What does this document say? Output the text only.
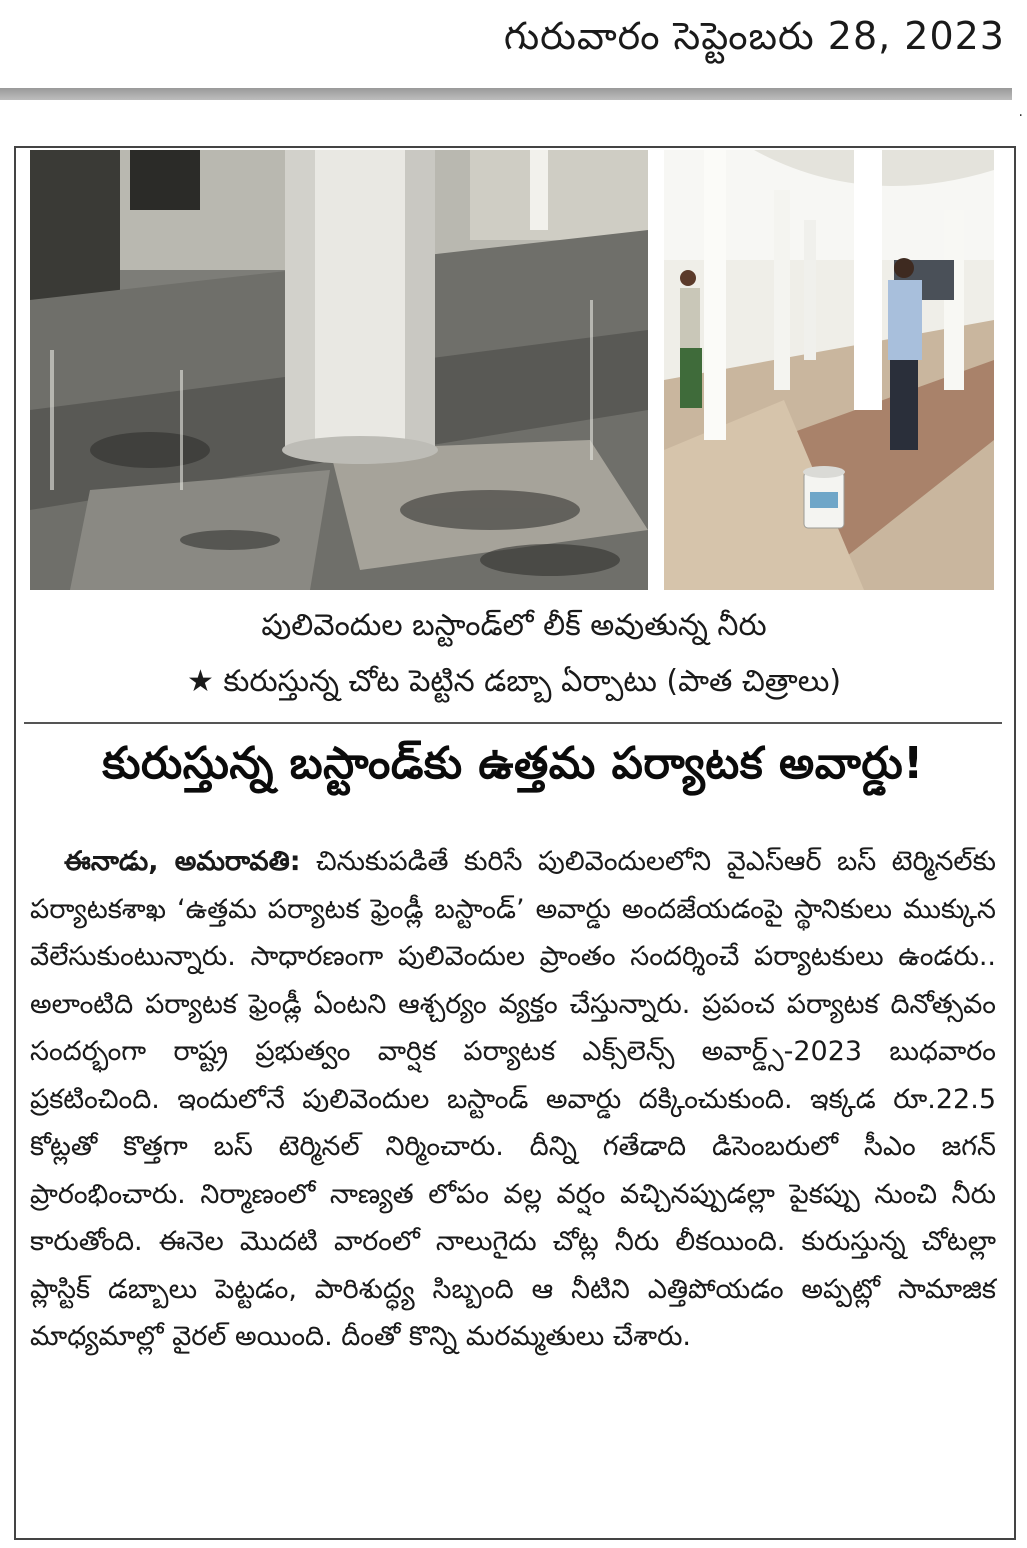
గురువారం సెప్టెంబరు 28, 2023
.
పులివెందుల బస్టాండ్‌లో లీక్ అవుతున్న నీరు
★ కురుస్తున్న చోట పెట్టిన డబ్బా ఏర్పాటు (పాత చిత్రాలు)
కురుస్తున్న బస్టాండ్‌కు ఉత్తమ పర్యాటక అవార్డు!
ఈనాడు, అమరావతి: చినుకుపడితే కురిసే పులివెందులలోని వైఎస్ఆర్ బస్ టెర్మినల్‌కు పర్యాటకశాఖ ‘ఉత్తమ పర్యాటక ఫ్రెండ్లీ బస్టాండ్’ అవార్డు అందజేయడంపై స్థానికులు ముక్కున వేలేసుకుంటున్నారు. సాధారణంగా పులివెందుల ప్రాంతం సందర్శించే పర్యాటకులు ఉండరు.. అలాంటిది పర్యాటక ఫ్రెండ్లీ ఏంటని ఆశ్చర్యం వ్యక్తం చేస్తున్నారు. ప్రపంచ పర్యాటక దినోత్సవం సందర్భంగా రాష్ట్ర ప్రభుత్వం వార్షిక పర్యాటక ఎక్స్‌లెన్స్ అవార్డ్స్-2023 బుధవారం ప్రకటించింది. ఇందులోనే పులివెందుల బస్టాండ్ అవార్డు దక్కించుకుంది. ఇక్కడ రూ.22.5 కోట్లతో కొత్తగా బస్ టెర్మినల్ నిర్మించారు. దీన్ని గతేడాది డిసెంబరులో సీఎం జగన్ ప్రారంభించారు. నిర్మాణంలో నాణ్యత లోపం వల్ల వర్షం వచ్చినప్పుడల్లా పైకప్పు నుంచి నీరు కారుతోంది. ఈనెల మొదటి వారంలో నాలుగైదు చోట్ల నీరు లీకయింది. కురుస్తున్న చోటల్లా ప్లాస్టిక్ డబ్బాలు పెట్టడం, పారిశుద్ధ్య సిబ్బంది ఆ నీటిని ఎత్తిపోయడం అప్పట్లో సామాజిక మాధ్యమాల్లో వైరల్ అయింది. దీంతో కొన్ని మరమ్మతులు చేశారు.
